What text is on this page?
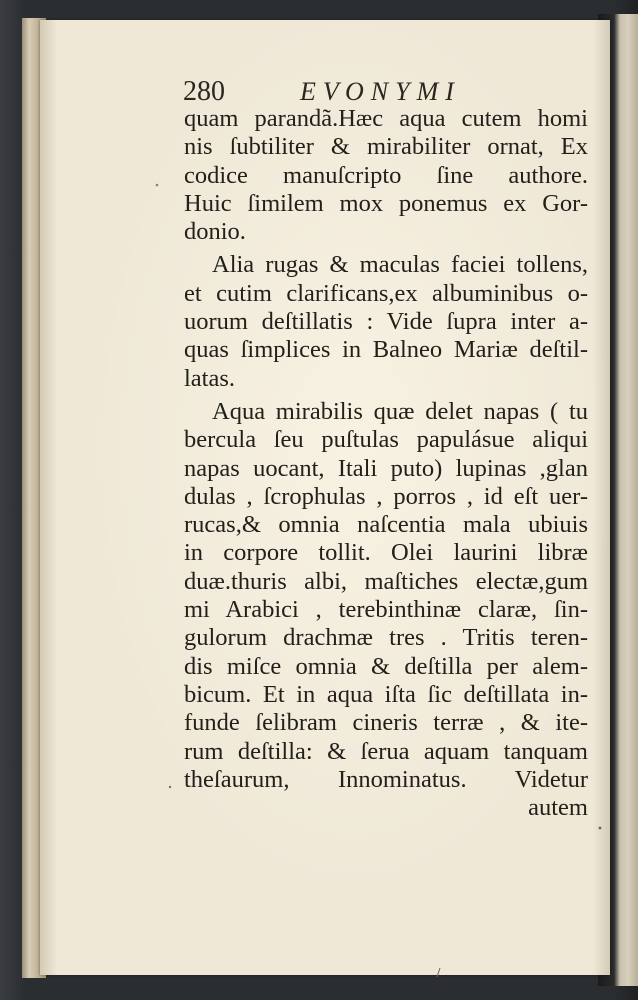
280	EVONYMI
quam parandã.Hæc aqua cutem homi
nis ſubtiliter & mirabiliter ornat, Ex
codice manuſcripto ſine authore.
Huic ſimilem mox ponemus ex Gor-
donio.
Alia rugas & maculas faciei tollens,
et cutim clarificans,ex albuminibus o-
uorum deſtillatis : Vide ſupra inter a-
quas ſimplices in Balneo Mariæ deſtil-
latas.
Aqua mirabilis quæ delet napas ( tu
bercula ſeu puſtulas papulásue aliqui
napas uocant, Itali puto) lupinas ,glan
dulas , ſcrophulas , porros , id eſt uer-
rucas,& omnia naſcentia mala ubiuis
in corpore tollit. Olei laurini libræ
duæ.thuris albi, maſtiches electæ,gum
mi Arabici , terebinthinæ claræ, ſin-
gulorum drachmæ tres . Tritis teren-
dis miſce omnia & deſtilla per alem-
bicum. Et in aqua iſta ſic deſtillata in-
funde ſelibram cineris terræ , & ite-
rum deſtilla: & ſerua aquam tanquam
theſaurum, Innominatus. Videtur
autem
